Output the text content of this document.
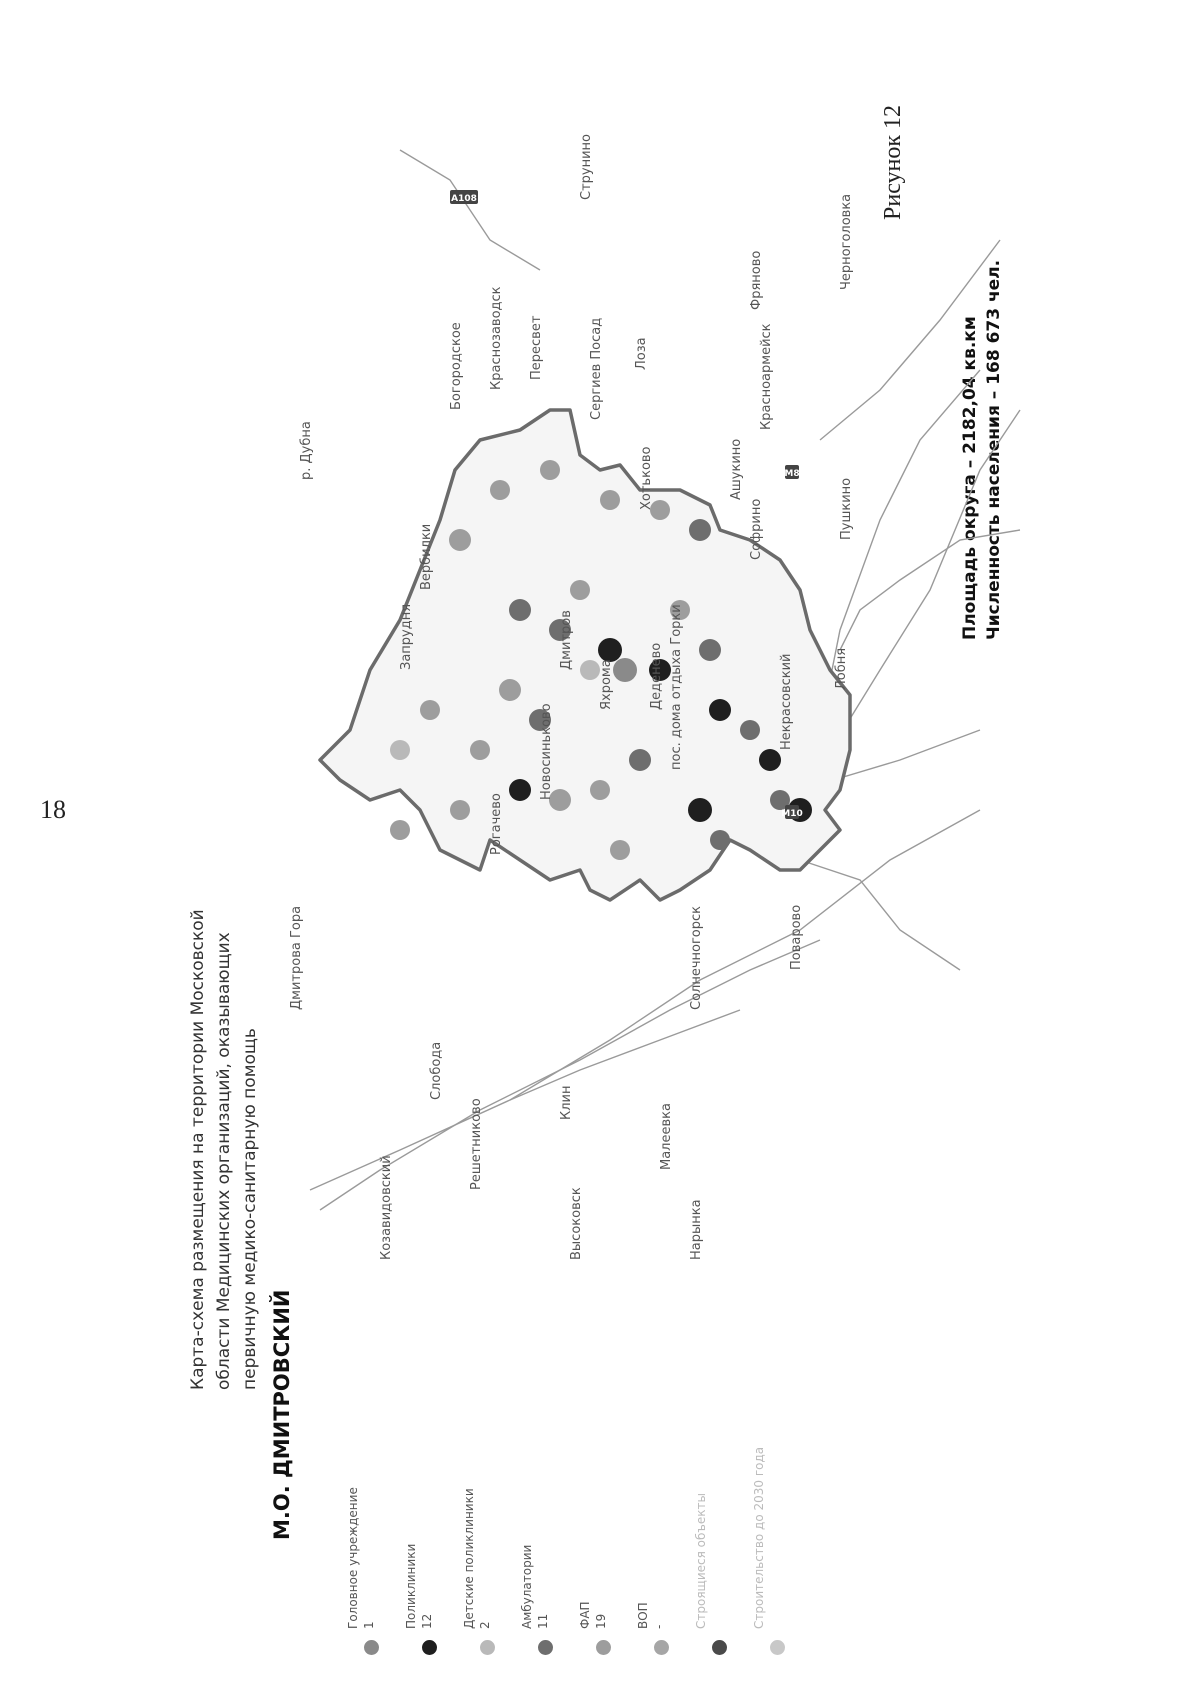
18
Рисунок 12
Карта-схема размещения на территории Московской области Медицинских организаций, оказывающих первичную медико-санитарную помощь
М.О. ДМИТРОВСКИЙ
Головное учреждение 1 Поликлиники 12 Детские поликлиники 2 Амбулатории 11 ФАП 19 ВОП - Строящиеся объекты	Строительство до 2030 года
Площадь округа – 2182,04 кв.км Численность населения – 168 673 чел.
Дмитрова Гора
Слобода
Решетниково
Высоковск
Клин
Малеевка
Нарынка
Козавидовский
Солнечногорск	Поварово
Рогачево
Новосиньково
Запрудня
Вербилки
Дмитров
Яхрома	Деденево пос. дома отдыха Горки	Некрасовский	Лобня
Богородское Краснозаводск Пересвет	Сергиев Посад
Хотьково	Ашукино
Софрино
Красноармейск
Лоза
Фряново
Струнино
Пушкино
р. Дубна
Черноголовка
А108
М8
М10
